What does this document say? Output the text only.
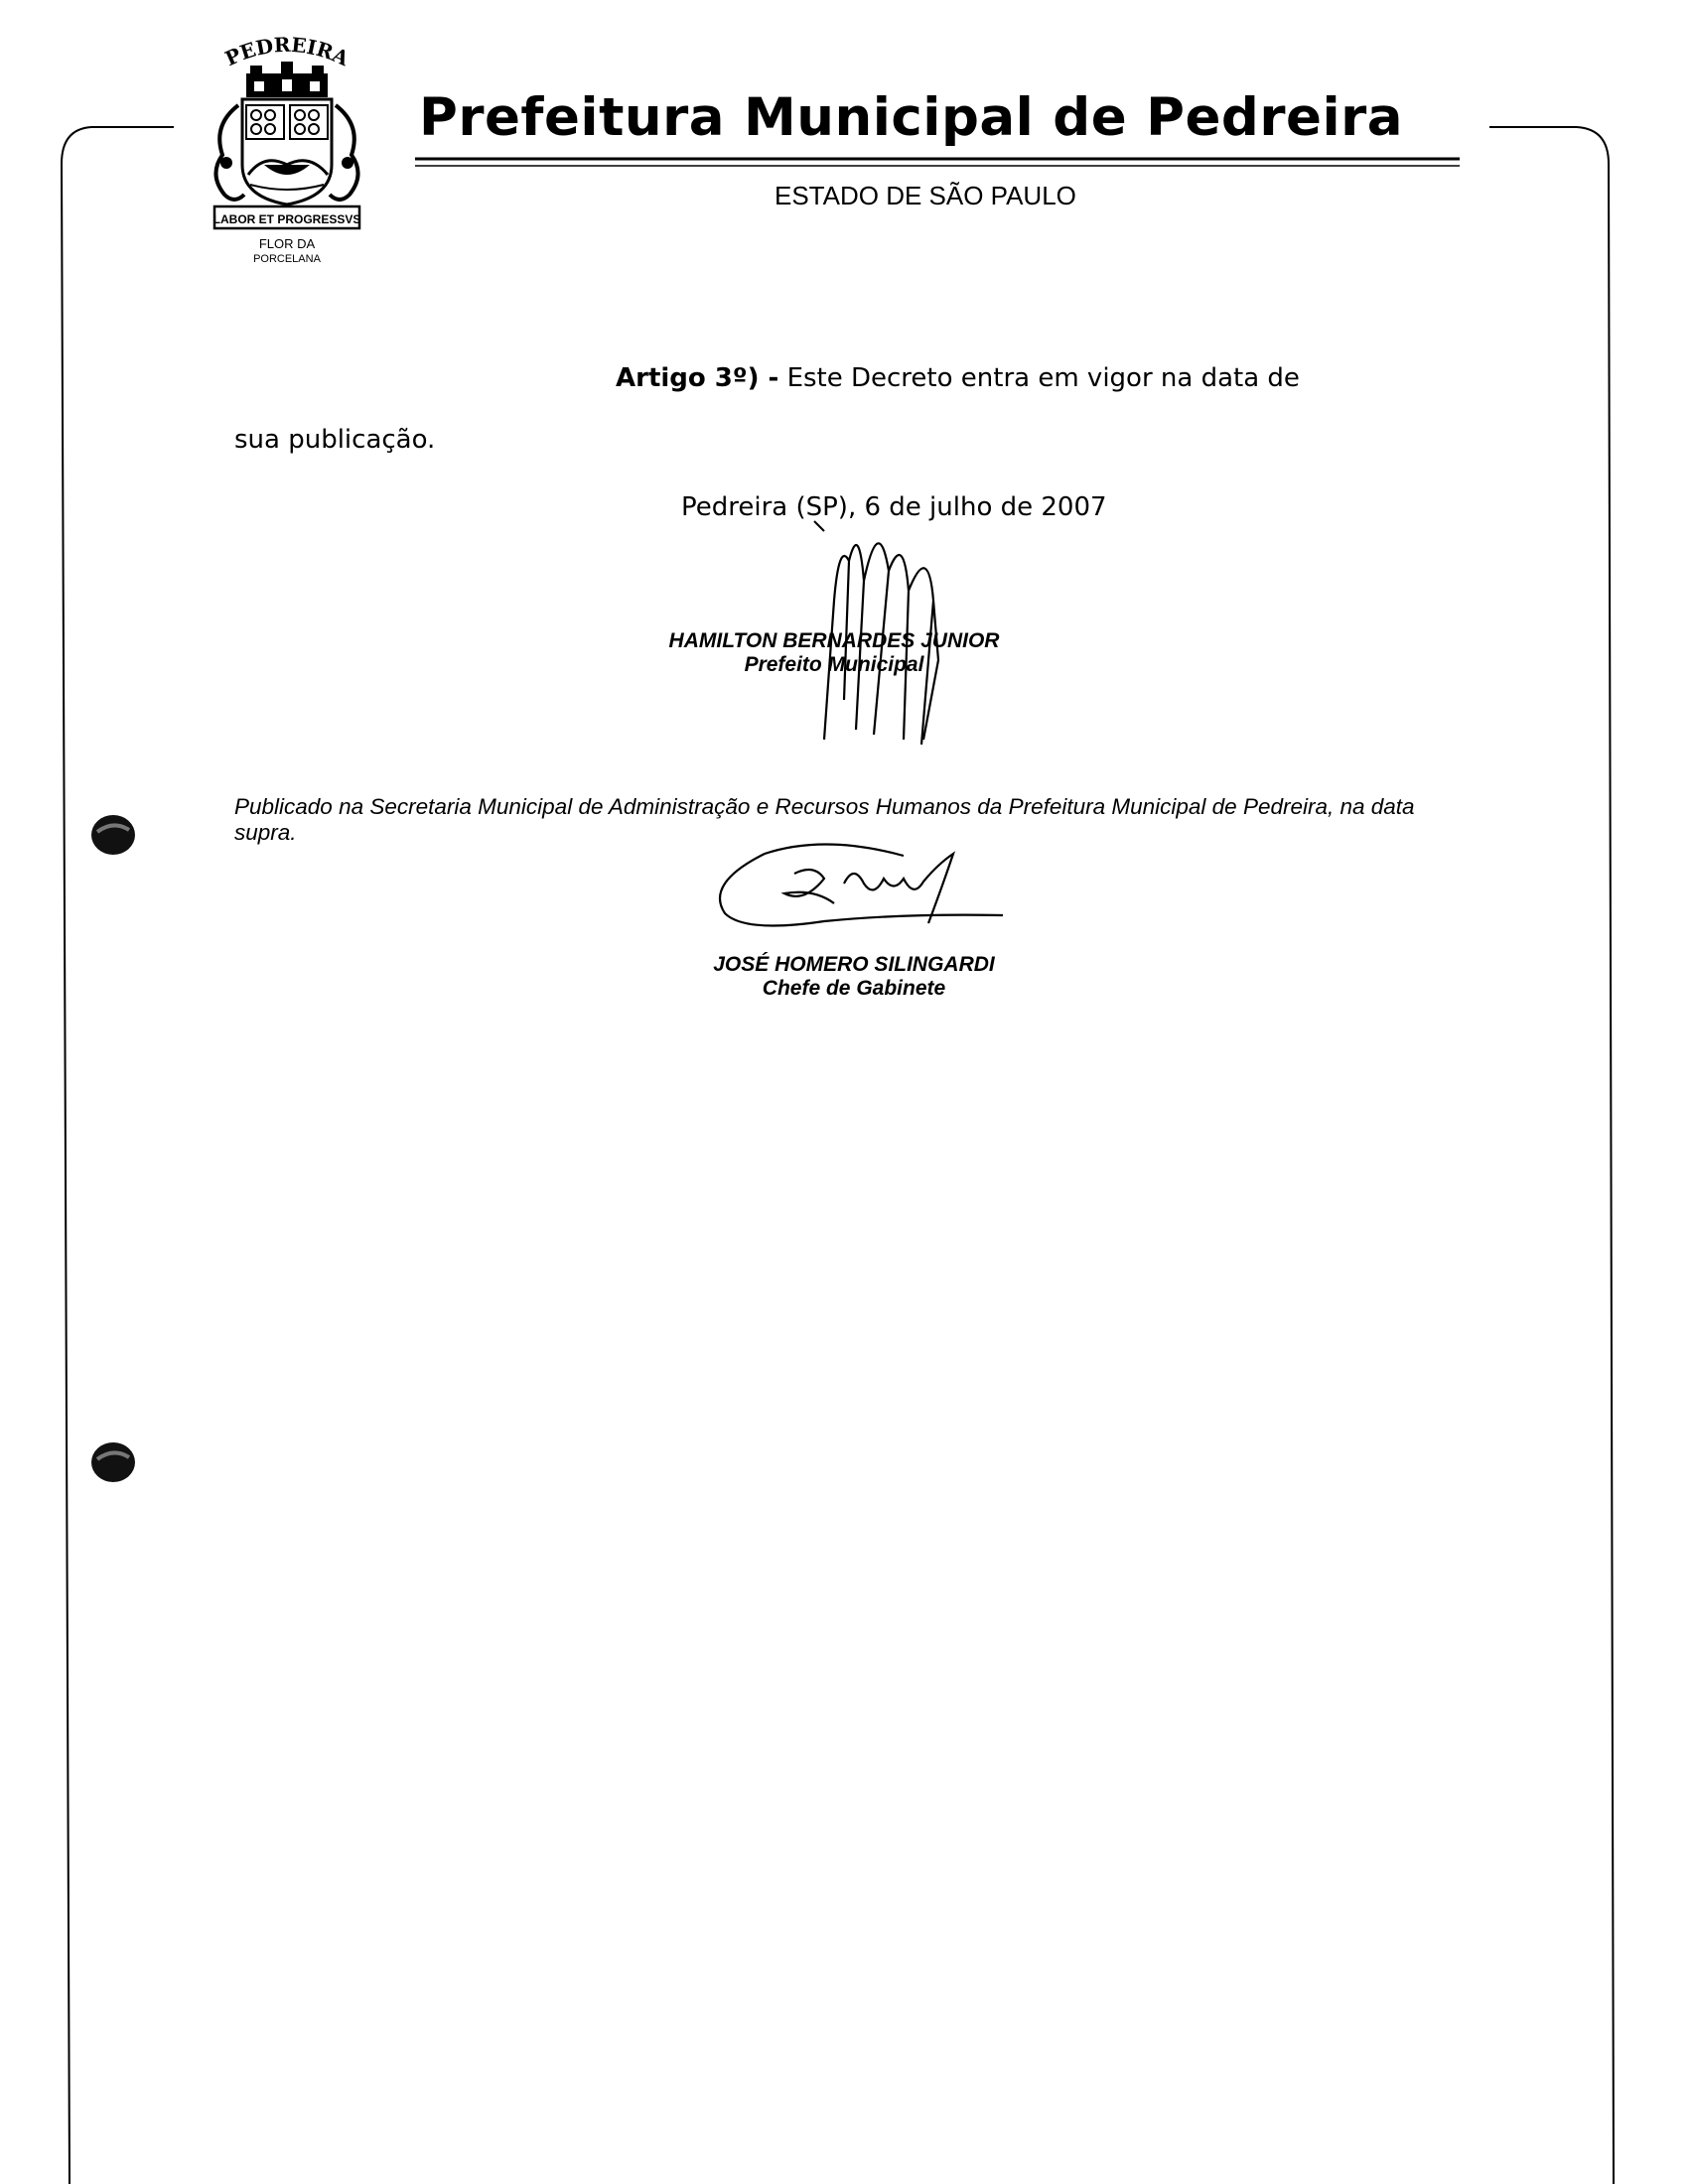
PEDREIRA
LABOR ET PROGRESSVS
FLOR DA
PORCELANA
Prefeitura Municipal de Pedreira
ESTADO DE SÃO PAULO
Artigo 3º) - Este Decreto entra em vigor na data de
sua publicação.
Pedreira (SP), 6 de julho de 2007
HAMILTON BERNARDES JUNIOR
Prefeito Municipal
Publicado na Secretaria Municipal de Administração e Recursos Humanos da Prefeitura Municipal de Pedreira, na data supra.
JOSÉ HOMERO SILINGARDI
Chefe de Gabinete
